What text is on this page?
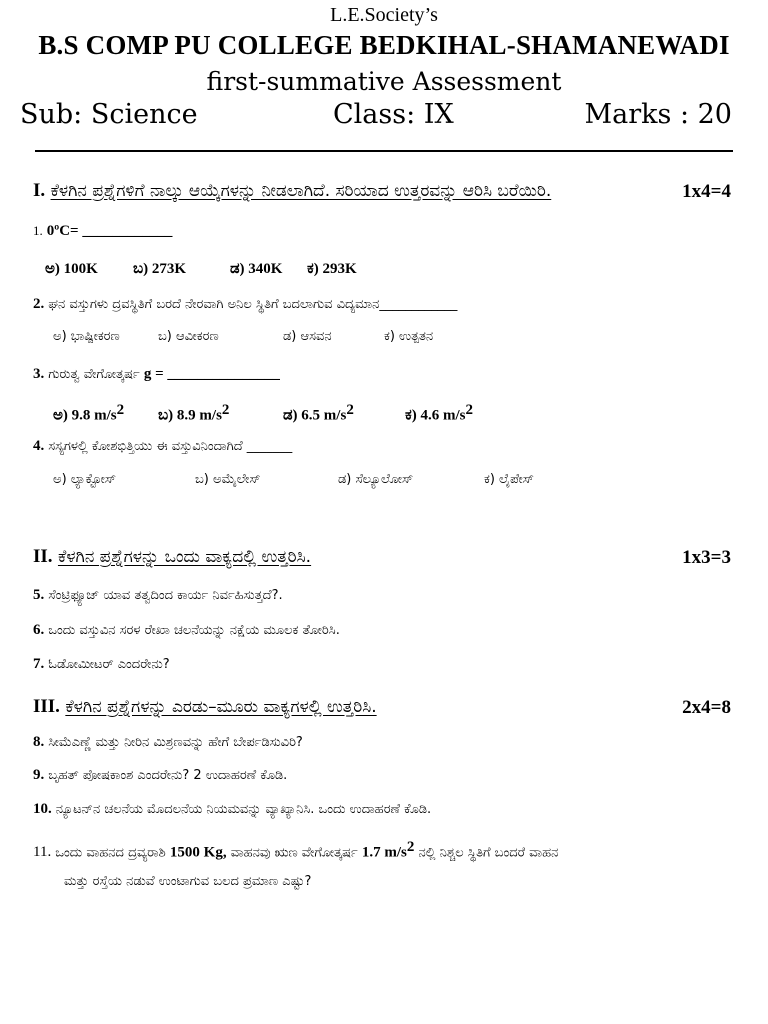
L.E.Society’s
B.S COMP PU COLLEGE BEDKIHAL-SHAMANEWADI
first-summative Assessment
Sub: Science	Class: IX	Marks : 20
I. ಕೆಳಗಿನ ಪ್ರಶ್ನೆಗಳಿಗೆ ನಾಲ್ಕು ಆಯ್ಕೆಗಳನ್ನು ನೀಡಲಾಗಿದೆ. ಸರಿಯಾದ ಉತ್ತರವನ್ನು ಆರಿಸಿ ಬರೆಯಿರಿ.	1x4=4
1. 0ºC= ____________
ಅ) 100K ಬ) 273K	ಡ) 340K ಕ) 293K
2. ಘನ ವಸ್ತುಗಳು ದ್ರವಸ್ಥಿತಿಗೆ ಬರದೆ ನೇರವಾಗಿ ಅನಿಲ ಸ್ಥಿತಿಗೆ ಬದಲಾಗುವ ವಿದ್ಯಮಾನ____________
ಅ) ಭಾಷ್ಪೀಕರಣ	ಬ) ಆವೀಕರಣ	ಡ) ಆಸವನ	ಕ) ಉತ್ಪತನ
3. ಗುರುತ್ವ ವೇಗೋತ್ಕರ್ಷ g = _______________
ಅ) 9.8 $m/s^2$ ಬ) 8.9 $m/s^2$	ಡ) 6.5 $m/s^2$	ಕ) 4.6 $m/s^2$
4. ಸಸ್ಯಗಳಲ್ಲಿ ಕೋಶಭಿತ್ತಿಯು ಈ ವಸ್ತುವಿನಿಂದಾಗಿದೆ _______
ಅ) ಲ್ಯಾಕ್ಟೋಸ್	ಬ) ಅಮೈಲೇಸ್	ಡ) ಸೆಲ್ಯೂಲೋಸ್	ಕ) ಲೈಪೇಸ್
II. ಕೆಳಗಿನ ಪ್ರಶ್ನೆಗಳನ್ನು ಒಂದು ವಾಕ್ಯದಲ್ಲಿ ಉತ್ತರಿಸಿ.	1x3=3
5. ಸೆಂಟ್ರಿಫ್ಯೂಜ್ ಯಾವ ತತ್ವದಿಂದ ಕಾರ್ಯ ನಿರ್ವಹಿಸುತ್ತದೆ?.
6. ಒಂದು ವಸ್ತುವಿನ ಸರಳ ರೇಖಾ ಚಲನೆಯನ್ನು ನಕ್ಷೆಯ ಮೂಲಕ ತೋರಿಸಿ.
7. ಓಡೋಮೀಟರ್ ಎಂದರೇನು?
III. ಕೆಳಗಿನ ಪ್ರಶ್ನೆಗಳನ್ನು ಎರಡು–ಮೂರು ವಾಕ್ಯಗಳಲ್ಲಿ ಉತ್ತರಿಸಿ.	2x4=8
8. ಸೀಮೆಎಣ್ಣೆ ಮತ್ತು ನೀರಿನ ಮಿಶ್ರಣವನ್ನು ಹೇಗೆ ಬೇರ್ಪಡಿಸುವಿರಿ?
9. ಬೃಹತ್ ಪೋಷಕಾಂಶ ಎಂದರೇನು? 2 ಉದಾಹರಣೆ ಕೊಡಿ.
10. ನ್ಯೂಟನ್‌ನ ಚಲನೆಯ ಮೊದಲನೆಯ ನಿಯಮವನ್ನು ವ್ಯಾಖ್ಯಾನಿಸಿ. ಒಂದು ಉದಾಹರಣೆ ಕೊಡಿ.
11. ಒಂದು ವಾಹನದ ದ್ರವ್ಯರಾಶಿ 1500 Kg, ವಾಹನವು ಋಣ ವೇಗೋತ್ಕರ್ಷ 1.7 $m/s^2$ ನಲ್ಲಿ ನಿಶ್ಚಲ ಸ್ಥಿತಿಗೆ ಬಂದರೆ ವಾಹನ
ಮತ್ತು ರಸ್ತೆಯ ನಡುವೆ ಉಂಟಾಗುವ ಬಲದ ಪ್ರಮಾಣ ಎಷ್ಟು?
